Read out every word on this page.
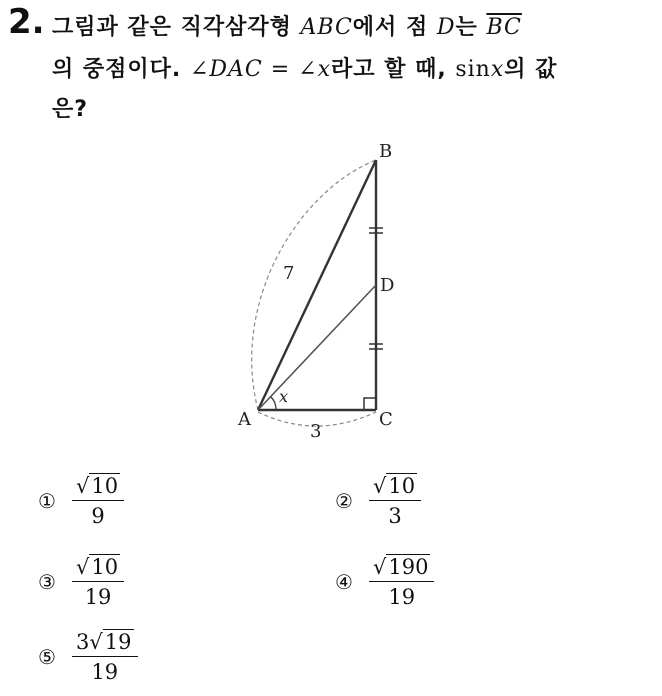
2. 그림과 같은 직각삼각형 ABC에서 점 D는 $\overline{BC}$
의 중점이다. ∠DAC = ∠x라고 할 때, sinx의 값
은?
B
D
C
A
7
3
x
① $\frac{√10}{9}$	② $\frac{√10}{3}$
③ $\frac{√10}{19}$	④ $\frac{√190}{19}$
⑤ $\frac{3√19}{19}$
